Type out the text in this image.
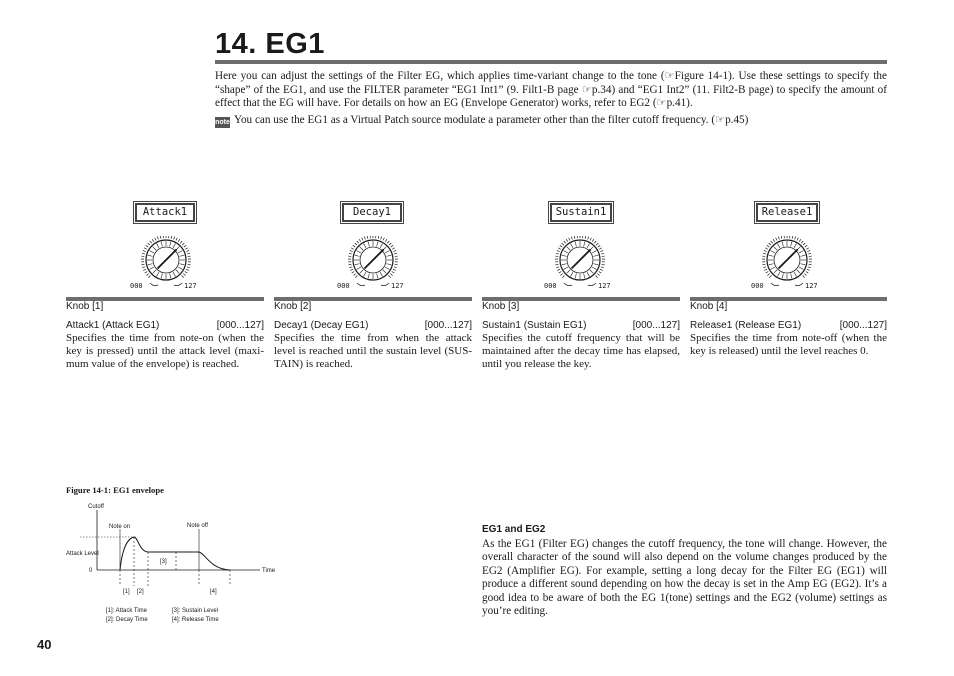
14. EG1
Here you can adjust the settings of the Filter EG, which applies time-variant change to the tone (☞Figure 14-1). Use these settings to specify the “shape” of the EG1, and use the FILTER parameter “EG1 Int1” (9. Filt1-B page ☞p.34) and “EG1 Int2” (11. Filt2-B page) to specify the amount of effect that the EG will have. For details on how an EG (Envelope Generator) works, refer to EG2 (☞p.41).
note You can use the EG1 as a Virtual Patch source modulate a parameter other than the filter cutoff frequency. (☞p.45)
Attack1
000	127
Knob [1]
Attack1 (Attack EG1)	[000...127]
Specifies the time from note-on (when the key is pressed) until the attack level (maxi-mum value of the envelope) is reached.
Decay1
000	127
Knob [2]
Decay1 (Decay EG1)	[000...127]
Specifies the time from when the attack level is reached until the sustain level (SUS-TAIN) is reached.
Sustain1
000	127
Knob [3]
Sustain1 (Sustain EG1)	[000...127]
Specifies the cutoff frequency that will be maintained after the decay time has elapsed, until you release the key.
Release1
000	127
Knob [4]
Release1 (Release EG1)	[000...127]
Specifies the time from note-off (when the key is released) until the level reaches 0.
Figure 14-1: EG1 envelope
Cutoff
Note on	Note off
Attack Level
0	Time
[3]
[1] [2]	[4]
[1]: Attack Time
[2]: Decay Time
[3]: Sustain Level
[4]: Release Time
EG1 and EG2
As the EG1 (Filter EG) changes the cutoff frequency, the tone will change. However, the overall character of the sound will also depend on the volume changes produced by the EG2 (Amplifier EG). For example, setting a long decay for the Filter EG (EG1) will produce a different sound depending on how the decay is set in the Amp EG (EG2). It’s a good idea to be aware of both the EG 1(tone) settings and the EG2 (volume) settings as you’re editing.
40
